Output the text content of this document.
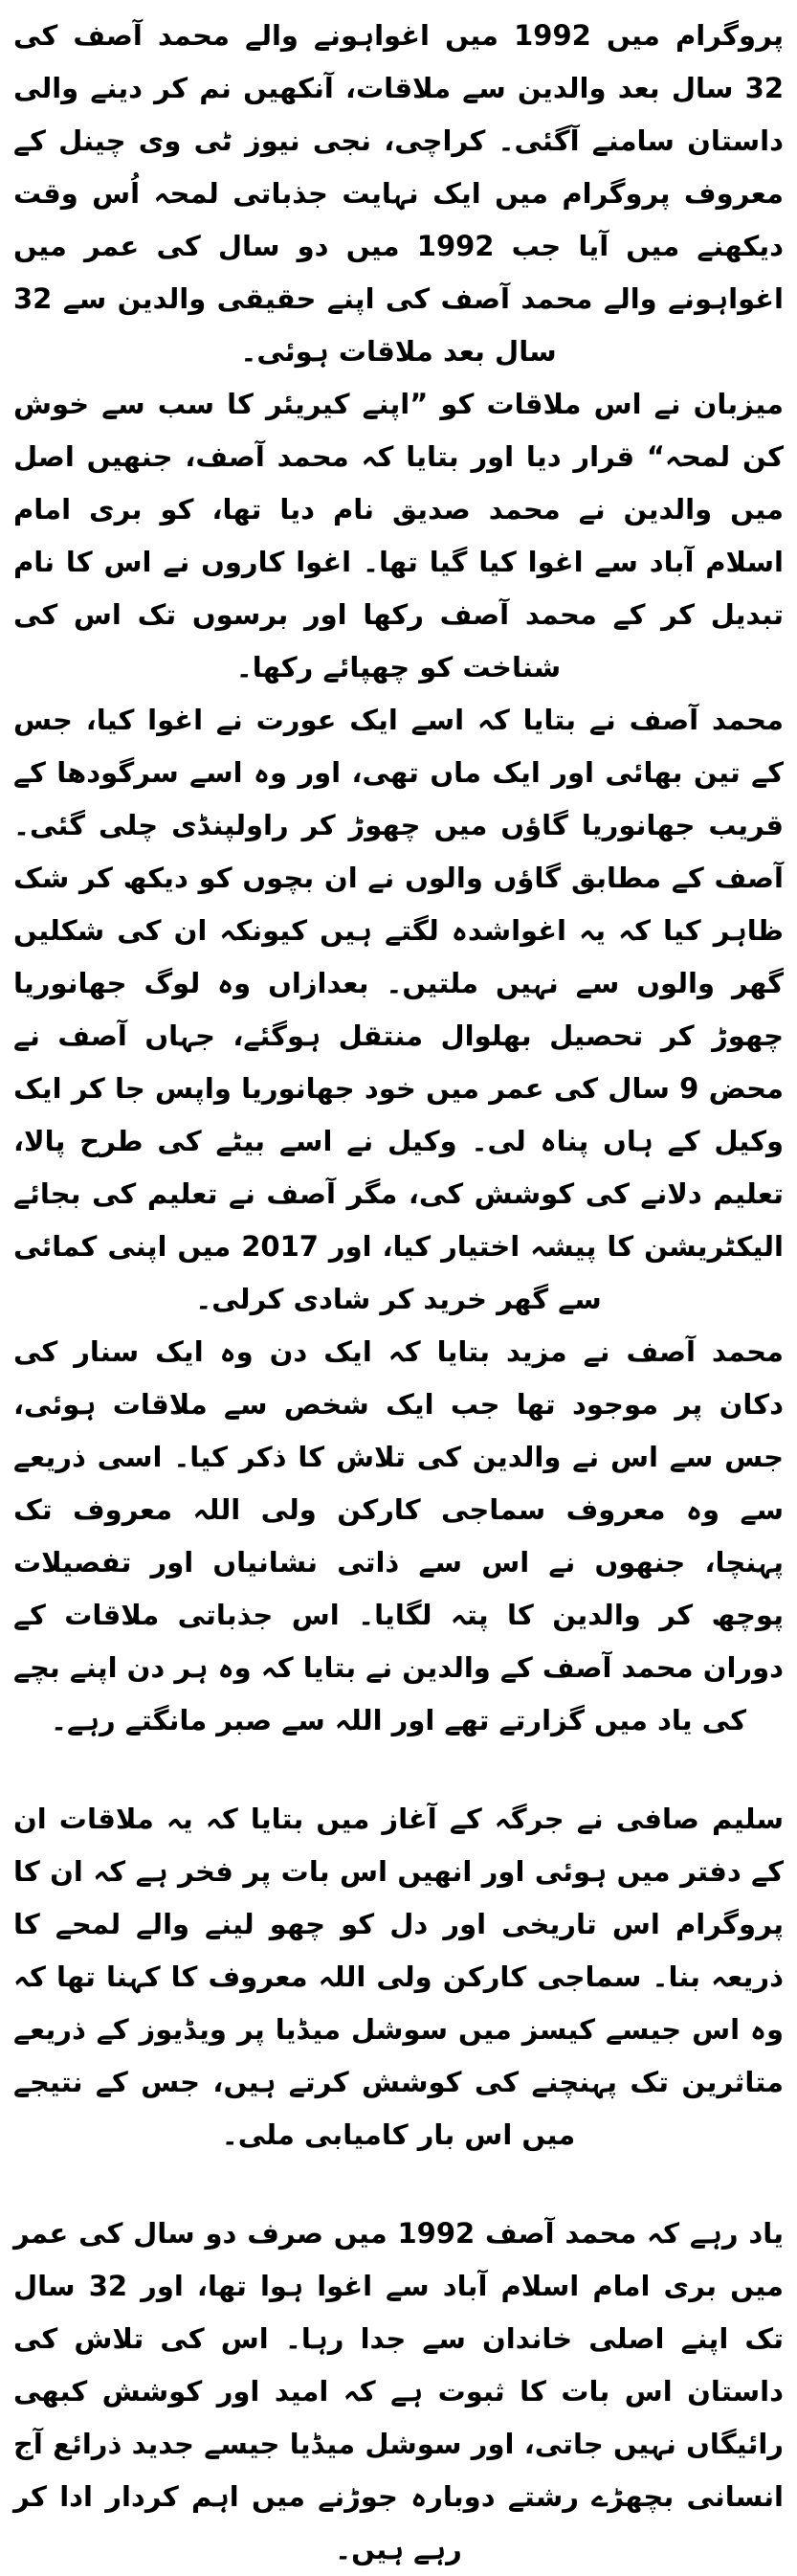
پروگرام میں 1992 میں اغواہونے والے محمد آصف کی 32 سال بعد والدین سے ملاقات، آنکھیں نم کر دینے والی داستان سامنے آگئی۔ کراچی، نجی نیوز ٹی وی چینل کے معروف پروگرام میں ایک نہایت جذباتی لمحہ اُس وقت دیکھنے میں آیا جب 1992 میں دو سال کی عمر میں اغواہونے والے محمد آصف کی اپنے حقیقی والدین سے 32 سال بعد ملاقات ہوئی۔

میزبان نے اس ملاقات کو ”اپنے کیریئر کا سب سے خوش کن لمحہ“ قرار دیا اور بتایا کہ محمد آصف، جنھیں اصل میں والدین نے محمد صدیق نام دیا تھا، کو بری امام اسلام آباد سے اغوا کیا گیا تھا۔ اغوا کاروں نے اس کا نام تبدیل کر کے محمد آصف رکھا اور برسوں تک اس کی شناخت کو چھپائے رکھا۔

محمد آصف نے بتایا کہ اسے ایک عورت نے اغوا کیا، جس کے تین بھائی اور ایک ماں تھی، اور وہ اسے سرگودھا کے قریب جھانوریا گاؤں میں چھوڑ کر راولپنڈی چلی گئی۔ آصف کے مطابق گاؤں والوں نے ان بچوں کو دیکھ کر شک ظاہر کیا کہ یہ اغواشدہ لگتے ہیں کیونکہ ان کی شکلیں گھر والوں سے نہیں ملتیں۔ بعدازاں وہ لوگ جھانوریا چھوڑ کر تحصیل بھلوال منتقل ہوگئے، جہاں آصف نے محض 9 سال کی عمر میں خود جھانوریا واپس جا کر ایک وکیل کے ہاں پناہ لی۔ وکیل نے اسے بیٹے کی طرح پالا، تعلیم دلانے کی کوشش کی، مگر آصف نے تعلیم کی بجائے الیکٹریشن کا پیشہ اختیار کیا، اور 2017 میں اپنی کمائی سے گھر خرید کر شادی کرلی۔

محمد آصف نے مزید بتایا کہ ایک دن وہ ایک سنار کی دکان پر موجود تھا جب ایک شخص سے ملاقات ہوئی، جس سے اس نے والدین کی تلاش کا ذکر کیا۔ اسی ذریعے سے وہ معروف سماجی کارکن ولی اللہ معروف تک پہنچا، جنھوں نے اس سے ذاتی نشانیاں اور تفصیلات پوچھ کر والدین کا پتہ لگایا۔ اس جذباتی ملاقات کے دوران محمد آصف کے والدین نے بتایا کہ وہ ہر دن اپنے بچے کی یاد میں گزارتے تھے اور اللہ سے صبر مانگتے رہے۔

سلیم صافی نے جرگہ کے آغاز میں بتایا کہ یہ ملاقات ان کے دفتر میں ہوئی اور انھیں اس بات پر فخر ہے کہ ان کا پروگرام اس تاریخی اور دل کو چھو لینے والے لمحے کا ذریعہ بنا۔ سماجی کارکن ولی اللہ معروف کا کہنا تھا کہ وہ اس جیسے کیسز میں سوشل میڈیا پر ویڈیوز کے ذریعے متاثرین تک پہنچنے کی کوشش کرتے ہیں، جس کے نتیجے میں اس بار کامیابی ملی۔

یاد رہے کہ محمد آصف 1992 میں صرف دو سال کی عمر میں بری امام اسلام آباد سے اغوا ہوا تھا، اور 32 سال تک اپنے اصلی خاندان سے جدا رہا۔ اس کی تلاش کی داستان اس بات کا ثبوت ہے کہ امید اور کوشش کبھی رائیگاں نہیں جاتی، اور سوشل میڈیا جیسے جدید ذرائع آج انسانی بچھڑے رشتے دوبارہ جوڑنے میں اہم کردار ادا کر رہے ہیں۔
